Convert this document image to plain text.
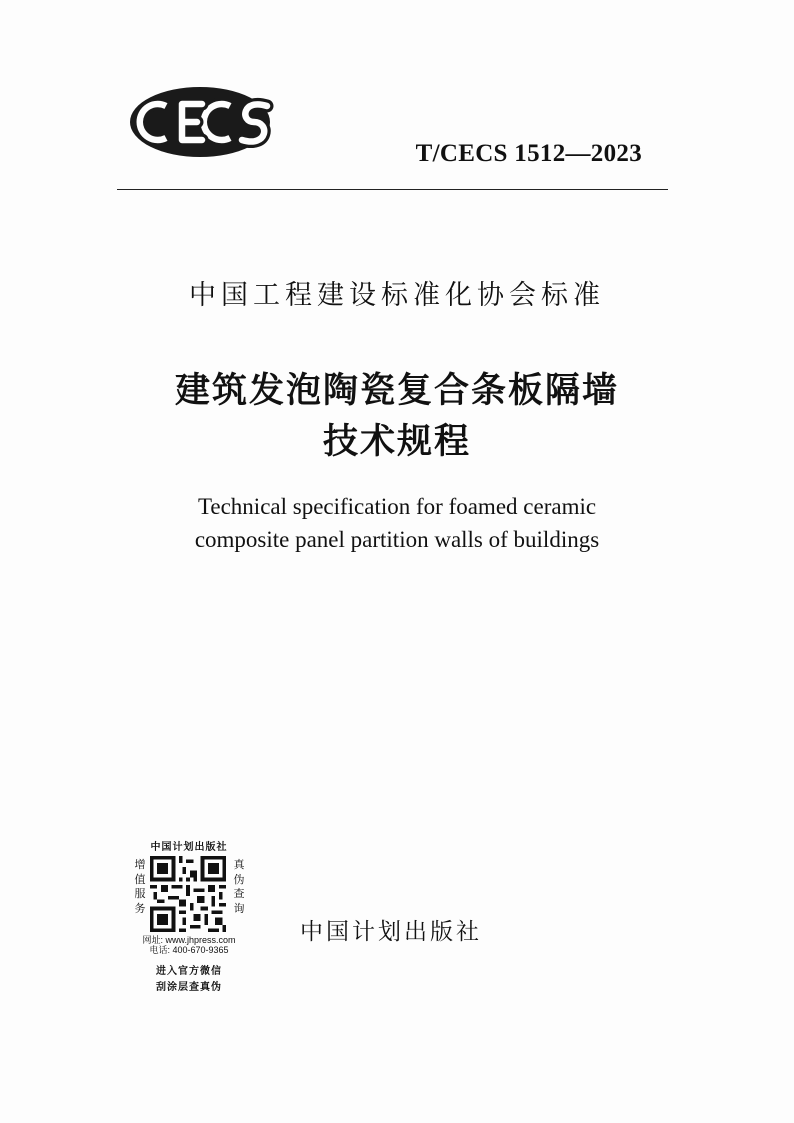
T/CECS 1512—2023
中国工程建设标准化协会标准
建筑发泡陶瓷复合条板隔墙
技术规程
Technical specification for foamed ceramic
composite panel partition walls of buildings
中国计划出版社
增值服务
真伪查询
网址: www.jhpress.com
电话: 400-670-9365
进入官方微信
刮涂层查真伪
中国计划出版社
